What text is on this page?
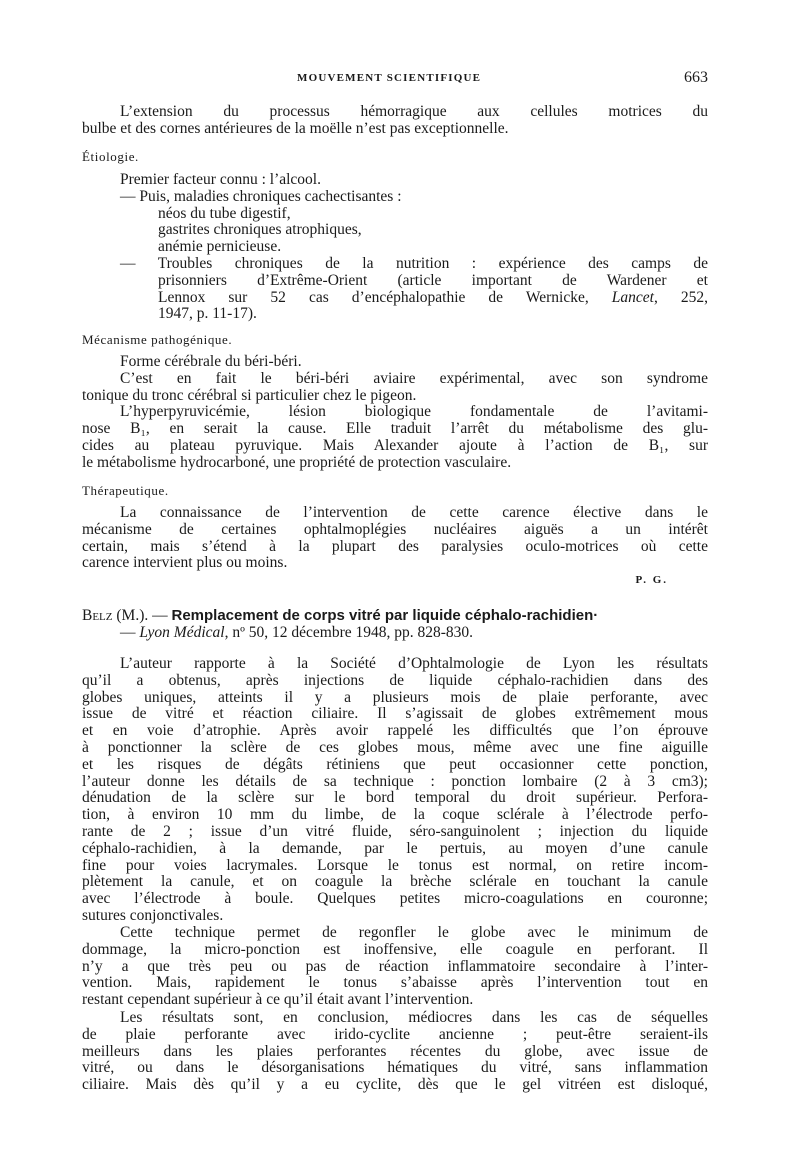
MOUVEMENT SCIENTIFIQUE	663
L’extension du processus hémorragique aux cellules motrices du
bulbe et des cornes antérieures de la moëlle n’est pas exceptionnelle.
Étiologie.
Premier facteur connu : l’alcool.
— Puis, maladies chroniques cachectisantes :
néos du tube digestif,
gastrites chroniques atrophiques,
anémie pernicieuse.
— Troubles chroniques de la nutrition : expérience des camps de
prisonniers d’Extrême-Orient (article important de Wardener et
Lennox sur 52 cas d’encéphalopathie de Wernicke, Lancet, 252,
1947, p. 11-17).
Mécanisme pathogénique.
Forme cérébrale du béri-béri.
C’est en fait le béri-béri aviaire expérimental, avec son syndrome
tonique du tronc cérébral si particulier chez le pigeon.
L’hyperpyruvicémie, lésion biologique fondamentale de l’avitami-
nose B₁, en serait la cause. Elle traduit l’arrêt du métabolisme des glu-
cides au plateau pyruvique. Mais Alexander ajoute à l’action de B₁, sur
le métabolisme hydrocarboné, une propriété de protection vasculaire.
Thérapeutique.
La connaissance de l’intervention de cette carence élective dans le
mécanisme de certaines ophtalmoplégies nucléaires aiguës a un intérêt
certain, mais s’étend à la plupart des paralysies oculo-motrices où cette
carence intervient plus ou moins.
P. G.
Belz (M.). — Remplacement de corps vitré par liquide céphalo-rachidien·
— Lyon Médical, nº 50, 12 décembre 1948, pp. 828-830.
L’auteur rapporte à la Société d’Ophtalmologie de Lyon les résultats
qu’il a obtenus, après injections de liquide céphalo-rachidien dans des
globes uniques, atteints il y a plusieurs mois de plaie perforante, avec
issue de vitré et réaction ciliaire. Il s’agissait de globes extrêmement mous
et en voie d’atrophie. Après avoir rappelé les difficultés que l’on éprouve
à ponctionner la sclère de ces globes mous, même avec une fine aiguille
et les risques de dégâts rétiniens que peut occasionner cette ponction,
l’auteur donne les détails de sa technique : ponction lombaire (2 à 3 cm3);
dénudation de la sclère sur le bord temporal du droit supérieur. Perfora-
tion, à environ 10 mm du limbe, de la coque sclérale à l’électrode perfo-
rante de 2 ; issue d’un vitré fluide, séro-sanguinolent ; injection du liquide
céphalo-rachidien, à la demande, par le pertuis, au moyen d’une canule
fine pour voies lacrymales. Lorsque le tonus est normal, on retire incom-
plètement la canule, et on coagule la brèche sclérale en touchant la canule
avec l’électrode à boule. Quelques petites micro-coagulations en couronne;
sutures conjonctivales.
Cette technique permet de regonfler le globe avec le minimum de
dommage, la micro-ponction est inoffensive, elle coagule en perforant. Il
n’y a que très peu ou pas de réaction inflammatoire secondaire à l’inter-
vention. Mais, rapidement le tonus s’abaisse après l’intervention tout en
restant cependant supérieur à ce qu’il était avant l’intervention.
Les résultats sont, en conclusion, médiocres dans les cas de séquelles
de plaie perforante avec irido-cyclite ancienne ; peut-être seraient-ils
meilleurs dans les plaies perforantes récentes du globe, avec issue de
vitré, ou dans le désorganisations hématiques du vitré, sans inflammation
ciliaire. Mais dès qu’il y a eu cyclite, dès que le gel vitréen est disloqué,
